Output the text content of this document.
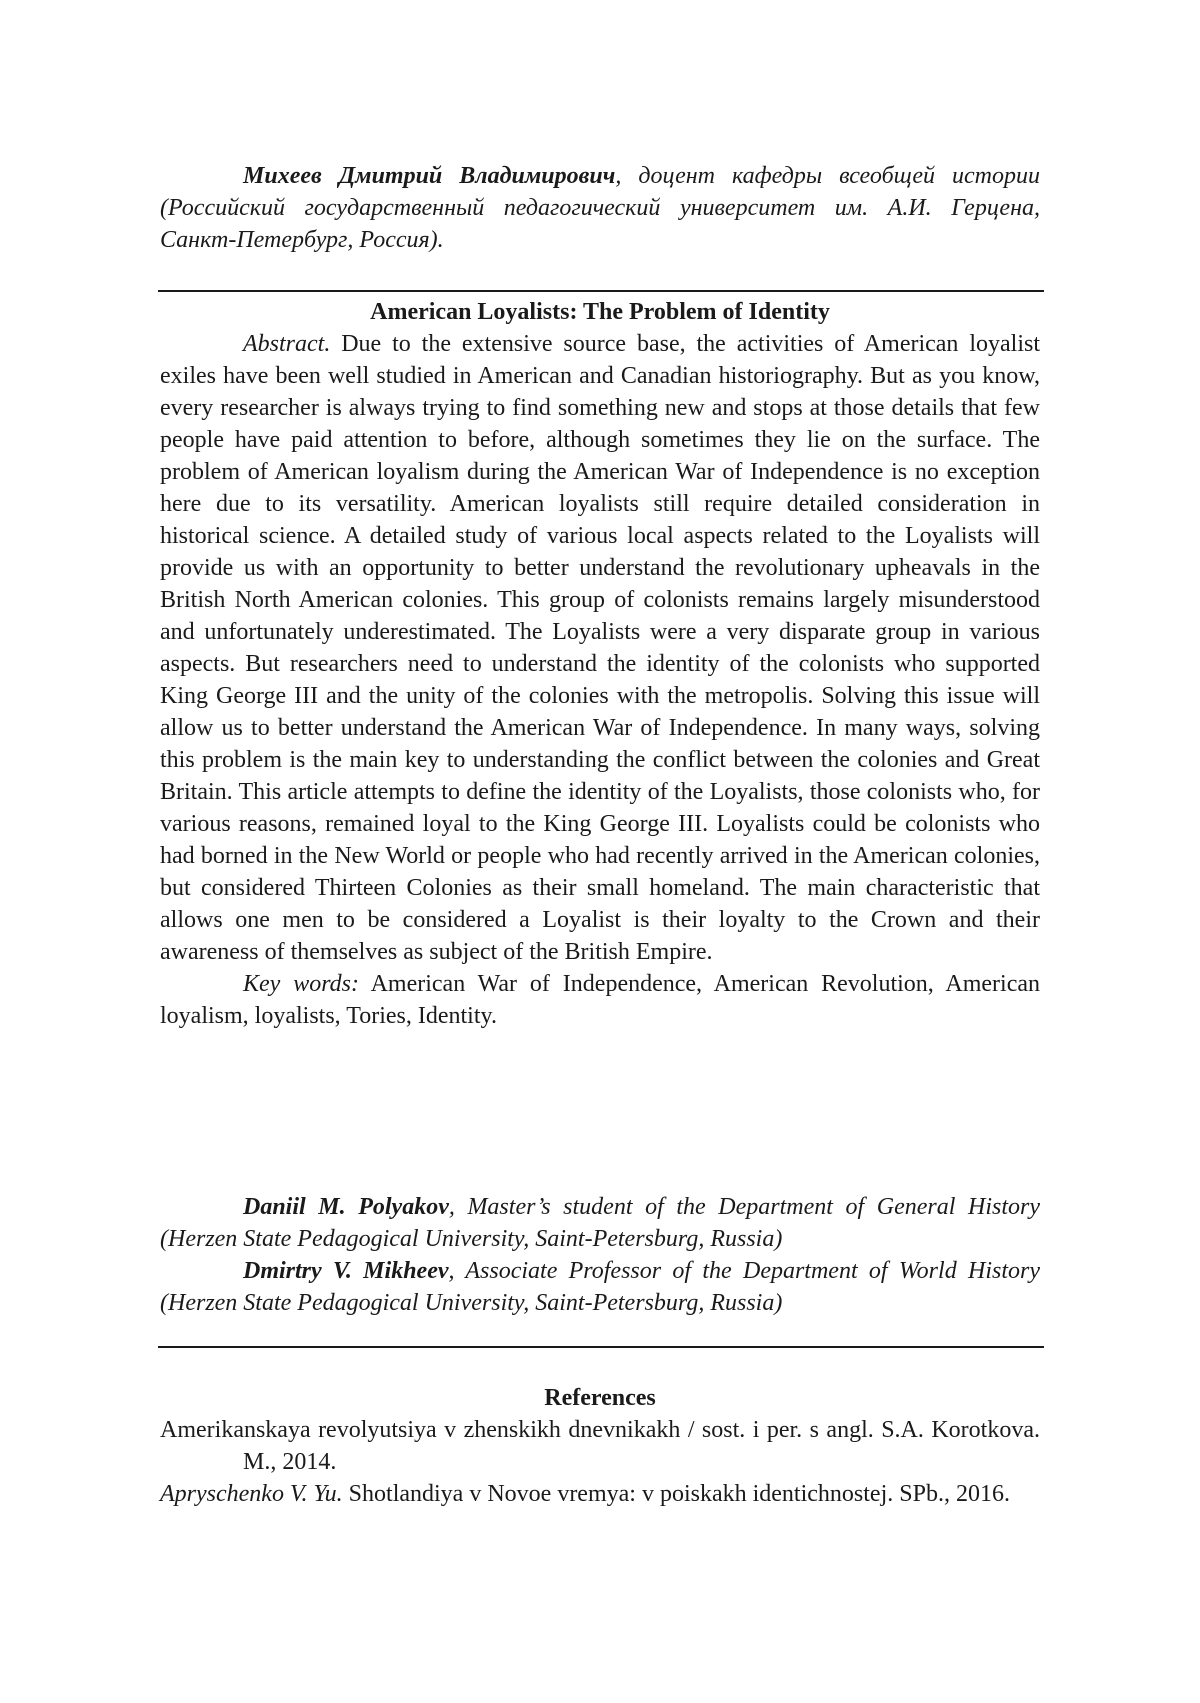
Михеев Дмитрий Владимирович, доцент кафедры всеобщей истории (Российский государственный педагогический университет им. А.И. Герцена, Санкт-Петербург, Россия).

American Loyalists: The Problem of Identity

Abstract. Due to the extensive source base, the activities of American loyalist exiles have been well studied in American and Canadian historiography. But as you know, every researcher is always trying to find something new and stops at those details that few people have paid attention to before, although sometimes they lie on the surface. The problem of American loyalism during the American War of Independence is no exception here due to its versatility. American loyalists still require detailed consideration in historical science. A detailed study of various local aspects related to the Loyalists will provide us with an opportunity to better understand the revolutionary upheavals in the British North American colonies. This group of colonists remains largely misunderstood and unfortunately underestimated. The Loyalists were a very disparate group in various aspects. But researchers need to understand the identity of the colonists who supported King George III and the unity of the colonies with the metropolis. Solving this issue will allow us to better understand the American War of Independence. In many ways, solving this problem is the main key to understanding the conflict between the colonies and Great Britain. This article attempts to define the identity of the Loyalists, those colonists who, for various reasons, remained loyal to the King George III. Loyalists could be colonists who had borned in the New World or people who had recently arrived in the American colonies, but considered Thirteen Colonies as their small homeland. The main characteristic that allows one men to be considered a Loyalist is their loyalty to the Crown and their awareness of themselves as subject of the British Empire.

Key words: American War of Independence, American Revolution, American loyalism, loyalists, Tories, Identity.

Daniil M. Polyakov, Master’s student of the Department of General History (Herzen State Pedagogical University, Saint-Petersburg, Russia)

Dmirtry V. Mikheev, Associate Professor of the Department of World History (Herzen State Pedagogical University, Saint-Petersburg, Russia)

References

Amerikanskaya revolyutsiya v zhenskikh dnevnikakh / sost. i per. s angl. S.A. Korotkova. M., 2014.

Apryschenko V. Yu. Shotlandiya v Novoe vremya: v poiskakh identichnostej. SPb., 2016.
